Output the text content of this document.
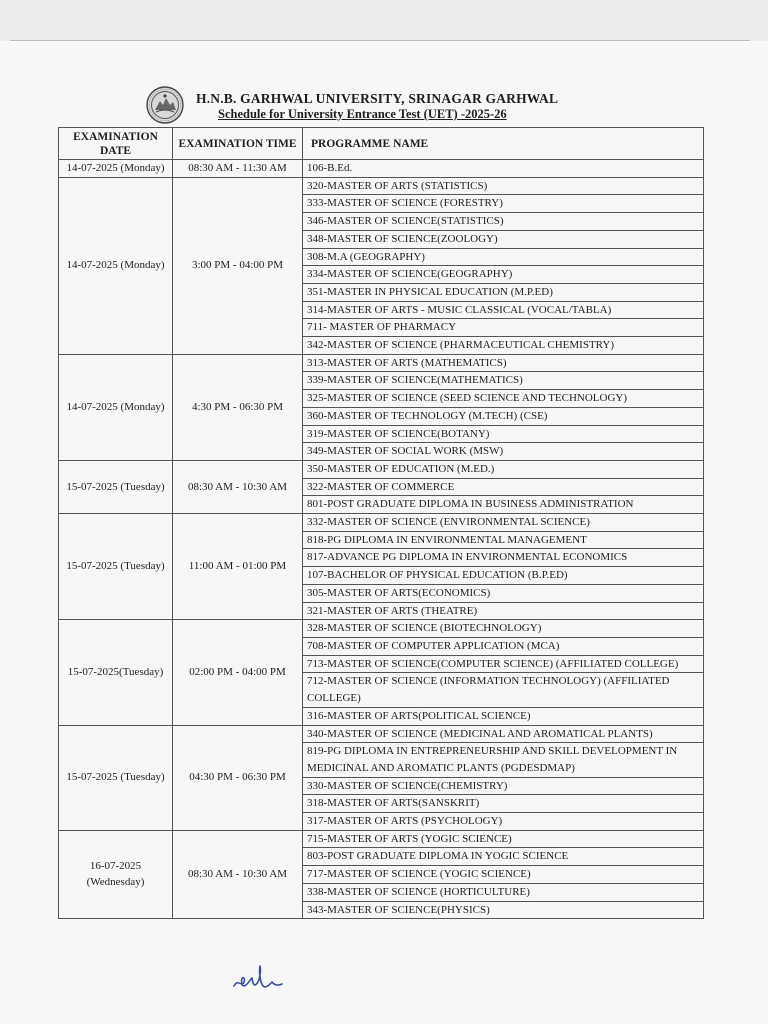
H.N.B. GARHWAL UNIVERSITY, SRINAGAR GARHWAL
Schedule for University Entrance Test (UET) -2025-26
EXAMINATION DATE	EXAMINATION TIME	PROGRAMME NAME
14-07-2025 (Monday)	08:30 AM - 11:30 AM	106-B.Ed.
14-07-2025 (Monday)	3:00 PM - 04:00 PM	320-MASTER OF ARTS (STATISTICS)
		333-MASTER OF SCIENCE (FORESTRY)
		346-MASTER OF SCIENCE(STATISTICS)
		348-MASTER OF SCIENCE(ZOOLOGY)
		308-M.A (GEOGRAPHY)
		334-MASTER OF SCIENCE(GEOGRAPHY)
		351-MASTER IN PHYSICAL EDUCATION (M.P.ED)
		314-MASTER OF ARTS - MUSIC CLASSICAL (VOCAL/TABLA)
		711- MASTER OF PHARMACY
		342-MASTER OF SCIENCE (PHARMACEUTICAL CHEMISTRY)
14-07-2025 (Monday)	4:30 PM - 06:30 PM	313-MASTER OF ARTS (MATHEMATICS)
		339-MASTER OF SCIENCE(MATHEMATICS)
		325-MASTER OF SCIENCE (SEED SCIENCE AND TECHNOLOGY)
		360-MASTER OF TECHNOLOGY (M.TECH) (CSE)
		319-MASTER OF SCIENCE(BOTANY)
		349-MASTER OF SOCIAL WORK (MSW)
15-07-2025 (Tuesday)	08:30 AM - 10:30 AM	350-MASTER OF EDUCATION (M.ED.)
		322-MASTER OF COMMERCE
		801-POST GRADUATE DIPLOMA IN BUSINESS ADMINISTRATION
15-07-2025 (Tuesday)	11:00 AM - 01:00 PM	332-MASTER OF SCIENCE (ENVIRONMENTAL SCIENCE)
		818-PG DIPLOMA IN ENVIRONMENTAL MANAGEMENT
		817-ADVANCE PG DIPLOMA IN ENVIRONMENTAL ECONOMICS
		107-BACHELOR OF PHYSICAL EDUCATION (B.P.ED)
		305-MASTER OF ARTS(ECONOMICS)
		321-MASTER OF ARTS (THEATRE)
15-07-2025(Tuesday)	02:00 PM - 04:00 PM	328-MASTER OF SCIENCE (BIOTECHNOLOGY)
		708-MASTER OF COMPUTER APPLICATION (MCA)
		713-MASTER OF SCIENCE(COMPUTER SCIENCE) (AFFILIATED COLLEGE)
		712-MASTER OF SCIENCE (INFORMATION TECHNOLOGY) (AFFILIATED COLLEGE)
		316-MASTER OF ARTS(POLITICAL SCIENCE)
15-07-2025 (Tuesday)	04:30 PM - 06:30 PM	340-MASTER OF SCIENCE (MEDICINAL AND AROMATICAL PLANTS)
		819-PG DIPLOMA IN ENTREPRENEURSHIP AND SKILL DEVELOPMENT IN MEDICINAL AND AROMATIC PLANTS (PGDESDMAP)
		330-MASTER OF SCIENCE(CHEMISTRY)
		318-MASTER OF ARTS(SANSKRIT)
		317-MASTER OF ARTS (PSYCHOLOGY)
16-07-2025 (Wednesday)	08:30 AM - 10:30 AM	715-MASTER OF ARTS (YOGIC SCIENCE)
		803-POST GRADUATE DIPLOMA IN YOGIC SCIENCE
		717-MASTER OF SCIENCE (YOGIC SCIENCE)
		338-MASTER OF SCIENCE (HORTICULTURE)
		343-MASTER OF SCIENCE(PHYSICS)
